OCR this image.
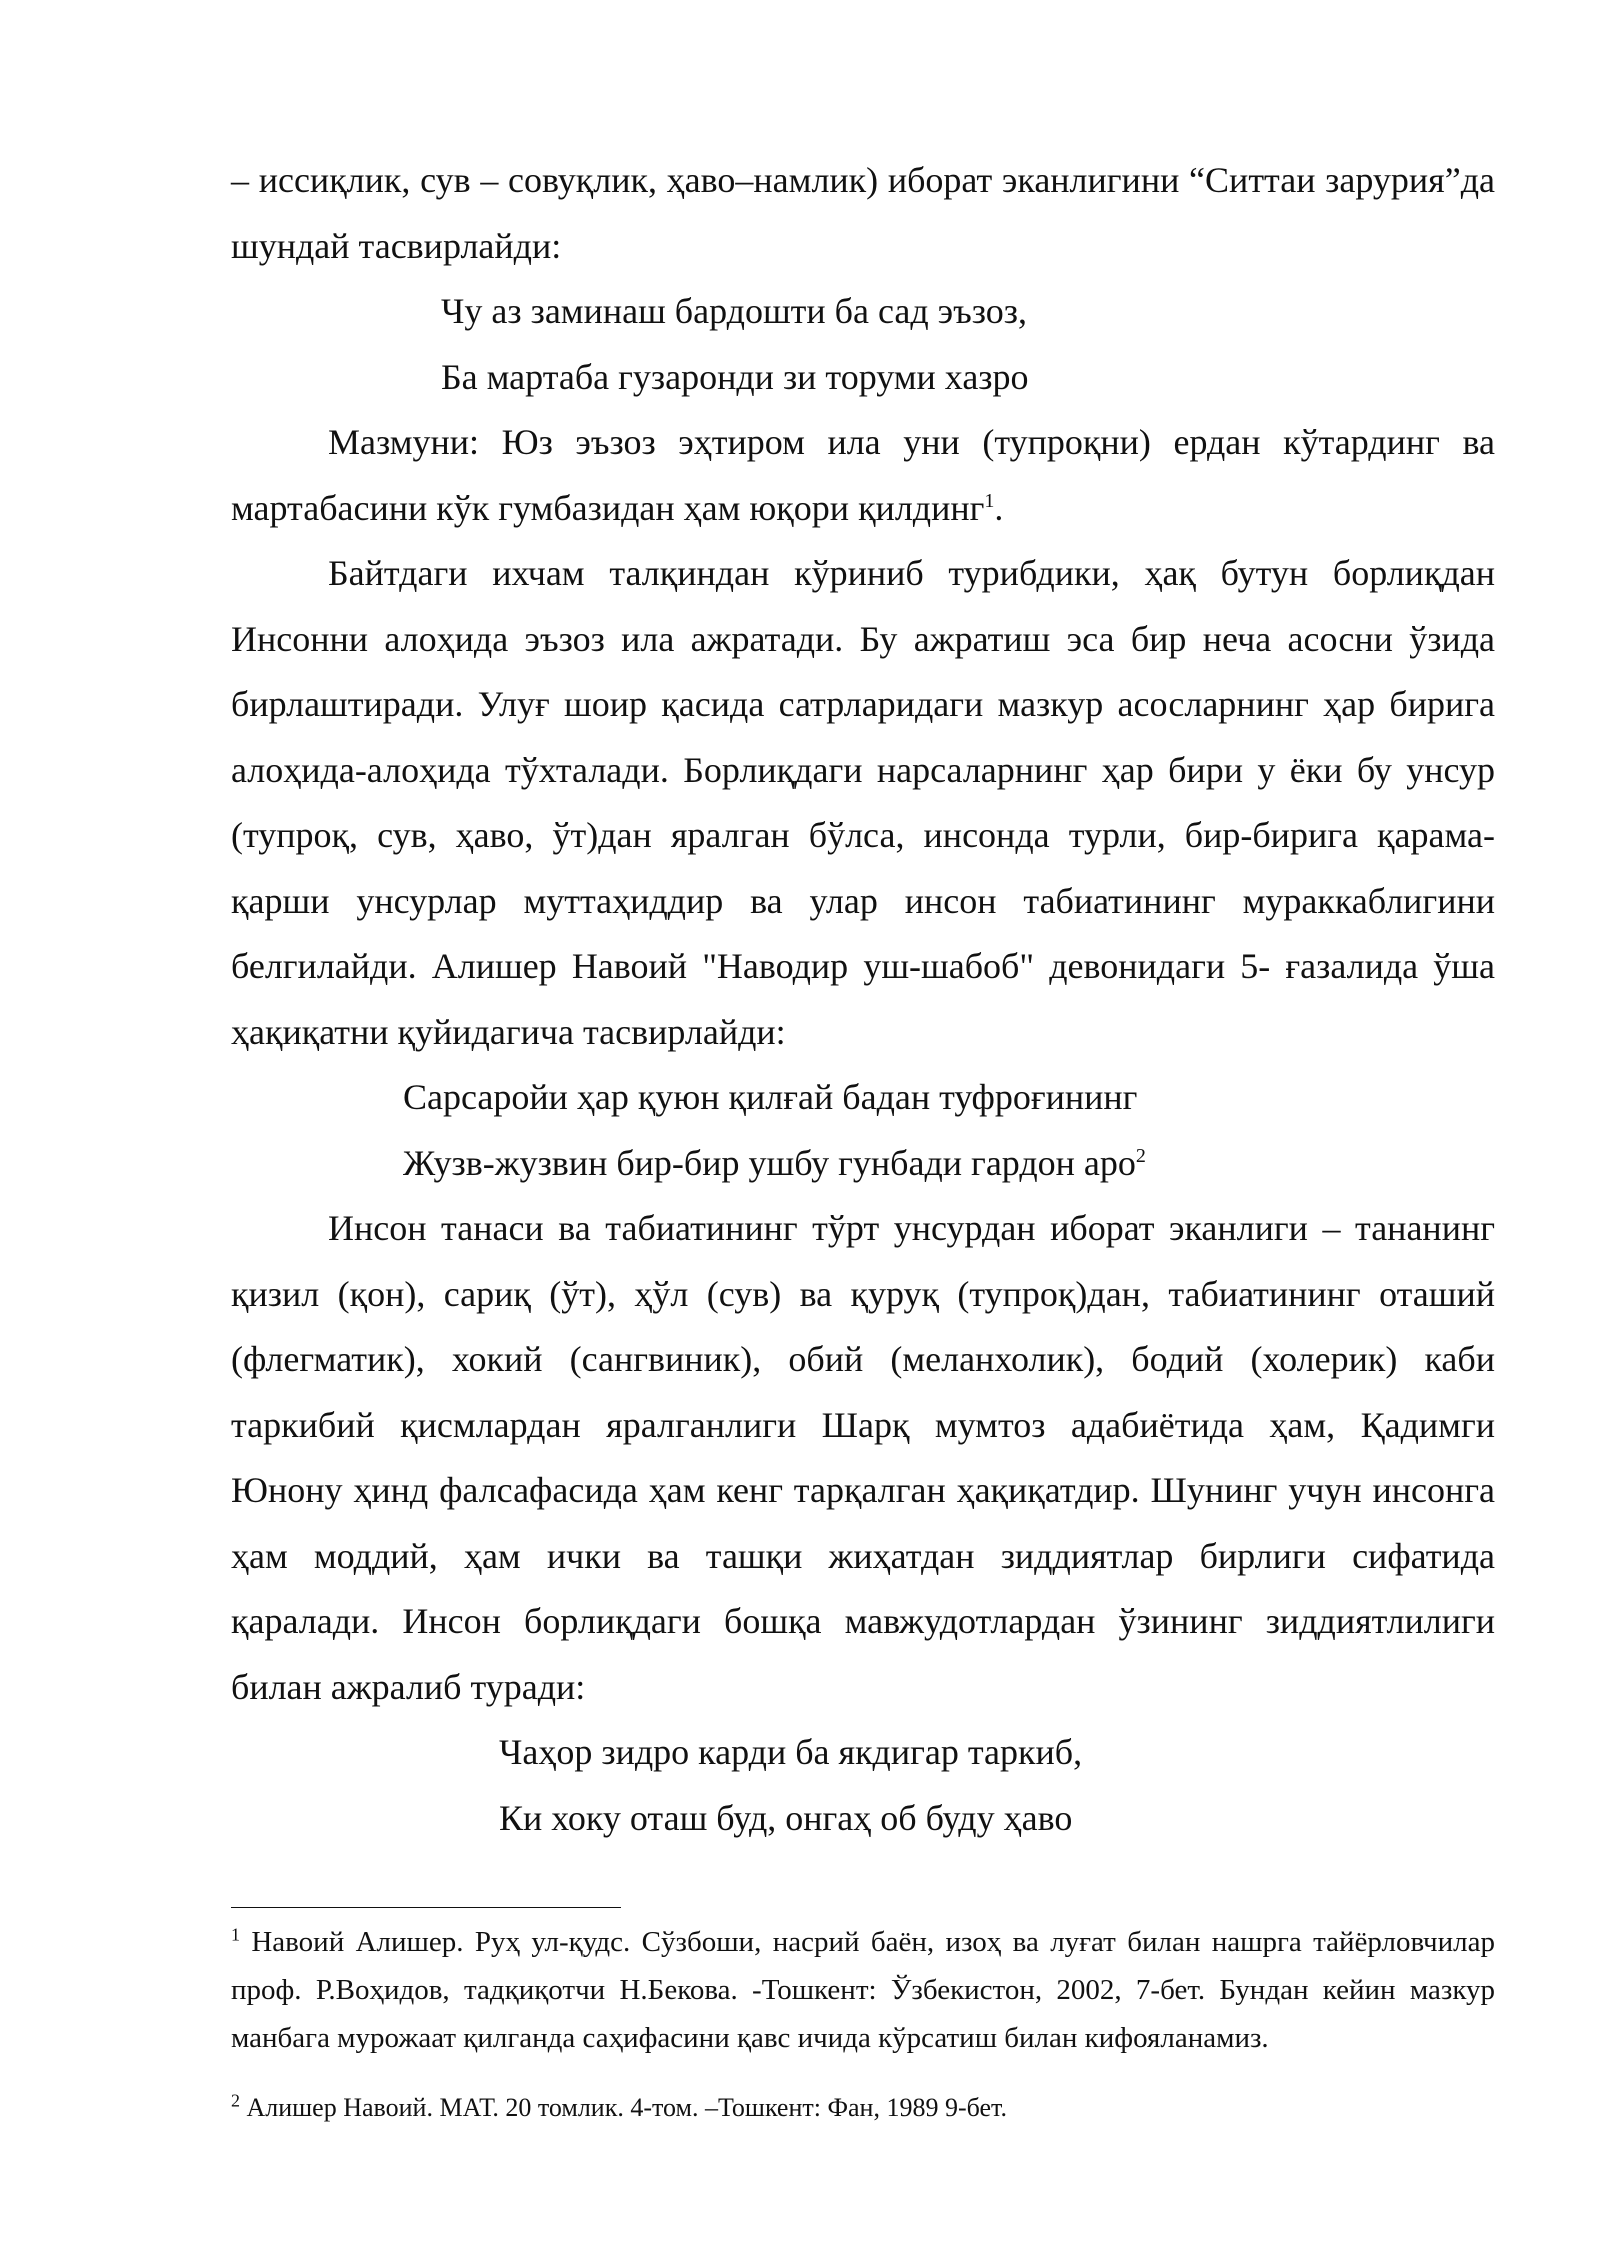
– иссиқлик, сув – совуқлик, ҳаво–намлик) иборат эканлигини “Ситтаи зарурия”да шундай тасвирлайди:

Чу аз заминаш бардошти ба сад эъзоз,

Ба мартаба гузаронди зи торуми хазро

Мазмуни: Юз эъзоз эҳтиром ила уни (тупроқни) ердан кўтардинг ва мартабасини кўк гумбазидан ҳам юқори қилдинг$^1$.

Байтдаги ихчам талқиндан кўриниб турибдики, ҳақ бутун борлиқдан Инсонни алоҳида эъзоз ила ажратади. Бу ажратиш эса бир неча асосни ўзида бирлаштиради. Улуғ шоир қасида сатрларидаги мазкур асосларнинг ҳар бирига алоҳида-алоҳида тўхталади. Борлиқдаги нарсаларнинг ҳар бири у ёки бу унсур (тупроқ, сув, ҳаво, ўт)дан яралган бўлса, инсонда турли, бир-бирига қарама-қарши унсурлар муттаҳиддир ва улар инсон табиатининг мураккаблигини белгилайди. Алишер Навоий "Наводир уш-шабоб" девонидаги 5- ғазалида ўша ҳақиқатни қуйидагича тасвирлайди:

Сарсаройи ҳар қуюн қилғай бадан туфроғининг

Жузв-жузвин бир-бир ушбу гунбади гардон аро$^2$

Инсон танаси ва табиатининг тўрт унсурдан иборат эканлиги – тананинг қизил (қон), сариқ (ўт), ҳўл (сув) ва қуруқ (тупроқ)дан, табиатининг оташий (флегматик), хокий (сангвиник), обий (меланхолик), бодий (холерик) каби таркибий қисмлардан яралганлиги Шарқ мумтоз адабиётида ҳам, Қадимги Юнону ҳинд фалсафасида ҳам кенг тарқалган ҳақиқатдир. Шунинг учун инсонга ҳам моддий, ҳам ички ва ташқи жиҳатдан зиддиятлар бирлиги сифатида қаралади. Инсон борлиқдаги бошқа мавжудотлардан ўзининг зиддиятлилиги билан ажралиб туради:

Чаҳор зидро карди ба якдигар таркиб,

Ки хоку оташ буд, онгаҳ об буду ҳаво

$^1$ Навоий Алишер. Руҳ ул-қудс. Сўзбоши, насрий баён, изоҳ ва луғат билан нашрга тайёрловчилар проф. Р.Воҳидов, тадқиқотчи Н.Бекова. -Тошкент: Ўзбекистон, 2002, 7-бет. Бундан кейин мазкур манбага мурожаат қилганда саҳифасини қавс ичида кўрсатиш билан кифояланамиз.

$^2$ Алишер Навоий. МАТ. 20 томлик. 4-том. –Тошкент: Фан, 1989 9-бет.
